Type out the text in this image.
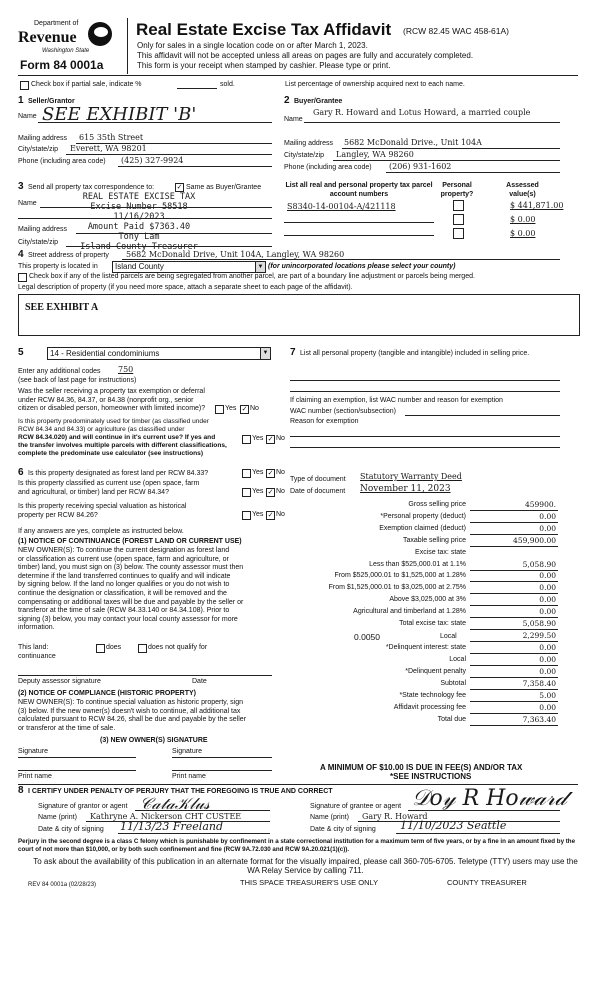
Department of
Revenue
Washington State
Form 84 0001a
Real Estate Excise Tax Affidavit (RCW 82.45 WAC 458-61A)
Only for sales in a single location code on or after March 1, 2023.
This affidavit will not be accepted unless all areas on pages are fully and accurately completed.
This form is your receipt when stamped by cashier. Please type or print.
Check box if partial sale, indicate %	sold.	List percentage of ownership acquired next to each name.
1 Seller/Grantor
Name SEE EXHIBIT 'B'
Mailing address 615 35th Street
City/state/zip Everett, WA 98201
Phone (including area code) (425) 327-9924
2 Buyer/Grantee
Name
Gary R. Howard and Lotus Howard, a married couple
Mailing address 5682 McDonald Drive., Unit 104A
City/state/zip Langley, WA 98260
Phone (including area code) (206) 931-1602
3 Send all property tax correspondence to:	✓ Same as Buyer/Grantee
Name
Mailing address
City/state/zip
REAL ESTATE EXCISE TAX
Excise Number 58518
11/16/2023
Amount Paid $7363.40
Tony Lam
Island County Treasurer
List all real and personal property tax parcel account numbers
Personal property?
Assessed value(s)
S8340-14-00104-A/421118	$ 441,871.00
$ 0.00
$ 0.00
4 Street address of property 5682 McDonald Drive, Unit 104A, Langley, WA 98260
This property is located in Island County	▼ (for unincorporated locations please select your county)
Check box if any of the listed parcels are being segregated from another parcel, are part of a boundary line adjustment or parcels being merged.
Legal description of property (if you need more space, attach a separate sheet to each page of the affidavit).
SEE EXHIBIT A
5	14 - Residential condominiums	▼
Enter any additional codes 750
(see back of last page for instructions)
Was the seller receiving a property tax exemption or deferral
under RCW 84.36, 84.37, or 84.38 (nonprofit org., senior
citizen or disabled person, homeowner with limited income)?	Yes ✓ No
Is this property predominately used for timber (as classified under
RCW 84.34 and 84.33) or agriculture (as classified under
RCW 84.34.020) and will continue in it's current use? If yes and
the transfer involves multiple parcels with different classifications,
complete the predominate use calculator (see instructions)
Yes ✓ No
6 Is this property designated as forest land per RCW 84.33?	Yes ✓ No
Is this property classified as current use (open space, farm
and agricultural, or timber) land per RCW 84.34?	Yes ✓ No
Is this property receiving special valuation as historical
property per RCW 84.26?	Yes ✓ No
If any answers are yes, complete as instructed below.
(1) NOTICE OF CONTINUANCE (FOREST LAND OR CURRENT USE)
NEW OWNER(S): To continue the current designation as forest land
or classification as current use (open space, farm and agriculture, or
timber) land, you must sign on (3) below. The county assessor must then
determine if the land transferred continues to qualify and will indicate
by signing below. If the land no longer qualifies or you do not wish to
continue the designation or classification, it will be removed and the
compensating or additional taxes will be due and payable by the seller or
transferor at the time of sale (RCW 84.33.140 or 84.34.108). Prior to
signing (3) below, you may contact your local county assessor for more
information.
This land:
continuance
does	does not qualify for
Deputy assessor signature	Date
(2) NOTICE OF COMPLIANCE (HISTORIC PROPERTY)
NEW OWNER(S): To continue special valuation as historic property, sign
(3) below. If the new owner(s) doesn't wish to continue, all additional tax
calculated pursuant to RCW 84.26, shall be due and payable by the seller
or transferor at the time of sale.
(3) NEW OWNER(S) SIGNATURE
Signature	Signature
Print name	Print name
7 List all personal property (tangible and intangible) included in selling price.
If claiming an exemption, list WAC number and reason for exemption
WAC number (section/subsection)
Reason for exemption
Type of document Statutory Warranty Deed
Date of document November 11, 2023
Gross selling price	459900.
*Personal property (deduct)	0.00
Exemption claimed (deduct)	0.00
Taxable selling price	459,900.00
Excise tax: state
Less than $525,000.01 at 1.1%	5,058.90
From $525,000.01 to $1,525,000 at 1.28%	0.00
From $1,525,000.01 to $3,025,000 at 2.75%	0.00
Above $3,025,000 at 3%	0.00
Agricultural and timberland at 1.28%	0.00
Total excise tax: state	5,058.90
0.0050	Local	2,299.50
*Delinquent interest: state	0.00
Local	0.00
*Delinquent penalty	0.00
Subtotal	7,358.40
*State technology fee	5.00
Affidavit processing fee	0.00
Total due	7,363.40
A MINIMUM OF $10.00 IS DUE IN FEE(S) AND/OR TAX
*SEE INSTRUCTIONS
8 I CERTIFY UNDER PENALTY OF PERJURY THAT THE FOREGOING IS TRUE AND CORRECT
Signature of grantor or agent 𝒞𝒶𝓉𝒶𝒦𝓁𝓊𝓈
Name (print) Kathryne A. Nickerson CHT CUSTEE
Date & city of signing 11/13/23 Freeland
Signature of grantee or agent 𝒟𝑜𝓎 𝑅 𝐻𝑜𝓌𝒶𝓇𝒹
Name (print) Gary R. Howard
Date & city of signing 11/10/2023 Seattle
Perjury in the second degree is a class C felony which is punishable by confinement in a state correctional institution for a maximum term of five years, or by a fine in an amount fixed by the court of not more than $10,000, or by both such confinement and fine (RCW 9A.72.030 and RCW 9A.20.021(1)(c)).
To ask about the availability of this publication in an alternate format for the visually impaired, please call 360-705-6705. Teletype (TTY) users may use the WA Relay Service by calling 711.
REV 84 0001a (02/28/23)	THIS SPACE TREASURER'S USE ONLY	COUNTY TREASURER
